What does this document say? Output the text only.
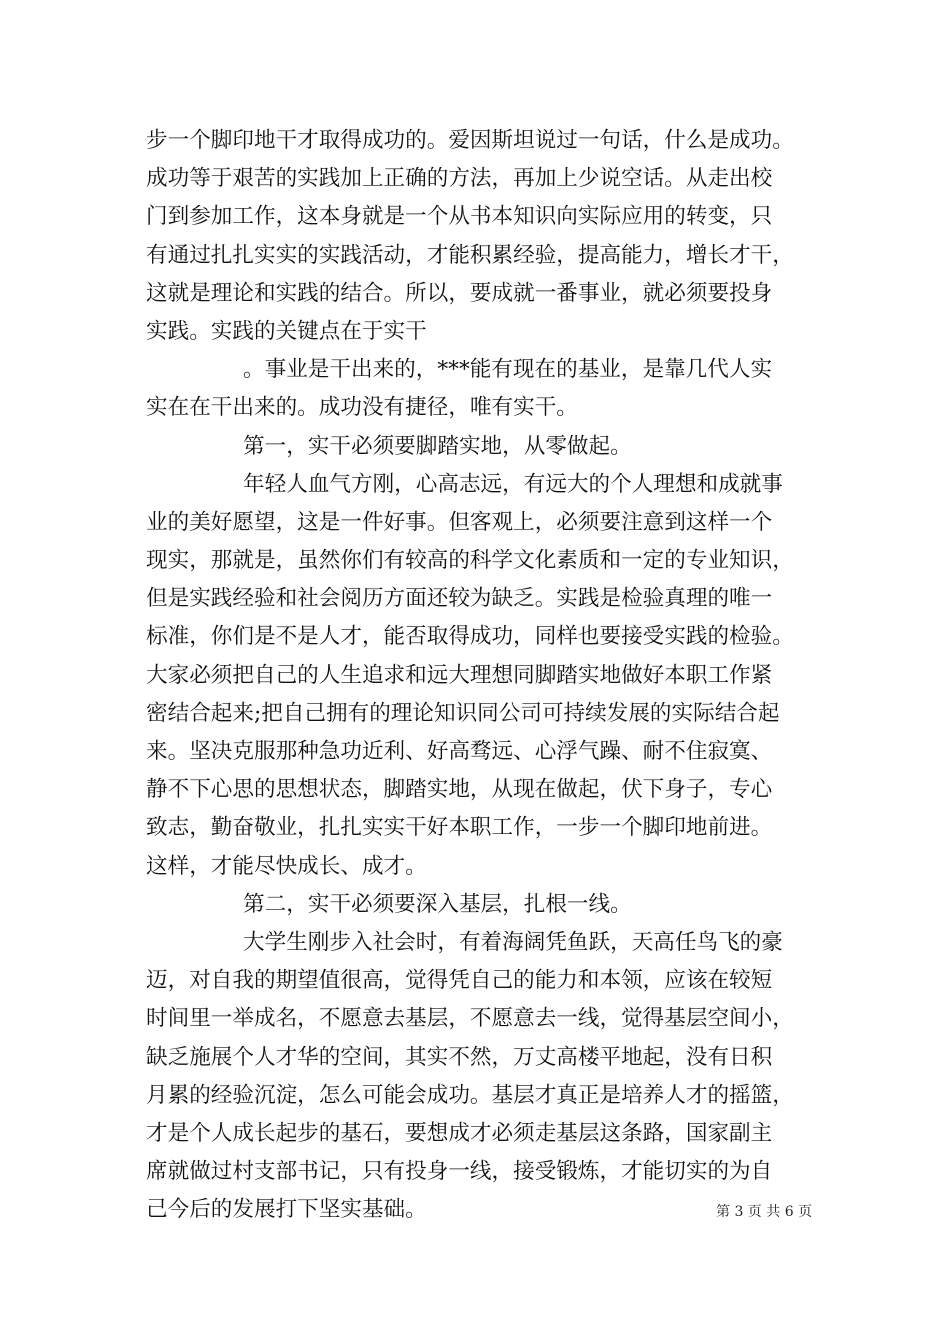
步一个脚印地干才取得成功的。爱因斯坦说过一句话，什么是成功。
成功等于艰苦的实践加上正确的方法，再加上少说空话。从走出校
门到参加工作，这本身就是一个从书本知识向实际应用的转变，只
有通过扎扎实实的实践活动，才能积累经验，提高能力，增长才干，
这就是理论和实践的结合。所以，要成就一番事业，就必须要投身
实践。实践的关键点在于实干
。事业是干出来的，***能有现在的基业，是靠几代人实
实在在干出来的。成功没有捷径，唯有实干。
第一，实干必须要脚踏实地，从零做起。
年轻人血气方刚，心高志远，有远大的个人理想和成就事
业的美好愿望，这是一件好事。但客观上，必须要注意到这样一个
现实，那就是，虽然你们有较高的科学文化素质和一定的专业知识，
但是实践经验和社会阅历方面还较为缺乏。实践是检验真理的唯一
标准，你们是不是人才，能否取得成功，同样也要接受实践的检验。
大家必须把自己的人生追求和远大理想同脚踏实地做好本职工作紧
密结合起来;把自己拥有的理论知识同公司可持续发展的实际结合起
来。坚决克服那种急功近利、好高骛远、心浮气躁、耐不住寂寞、
静不下心思的思想状态，脚踏实地，从现在做起，伏下身子，专心
致志，勤奋敬业，扎扎实实干好本职工作，一步一个脚印地前进。
这样，才能尽快成长、成才。
第二，实干必须要深入基层，扎根一线。
大学生刚步入社会时，有着海阔凭鱼跃，天高任鸟飞的豪
迈，对自我的期望值很高，觉得凭自己的能力和本领，应该在较短
时间里一举成名，不愿意去基层，不愿意去一线，觉得基层空间小，
缺乏施展个人才华的空间，其实不然，万丈高楼平地起，没有日积
月累的经验沉淀，怎么可能会成功。基层才真正是培养人才的摇篮，
才是个人成长起步的基石，要想成才必须走基层这条路，国家副主
席就做过村支部书记，只有投身一线，接受锻炼，才能切实的为自
己今后的发展打下坚实基础。	第 3 页 共 6 页
